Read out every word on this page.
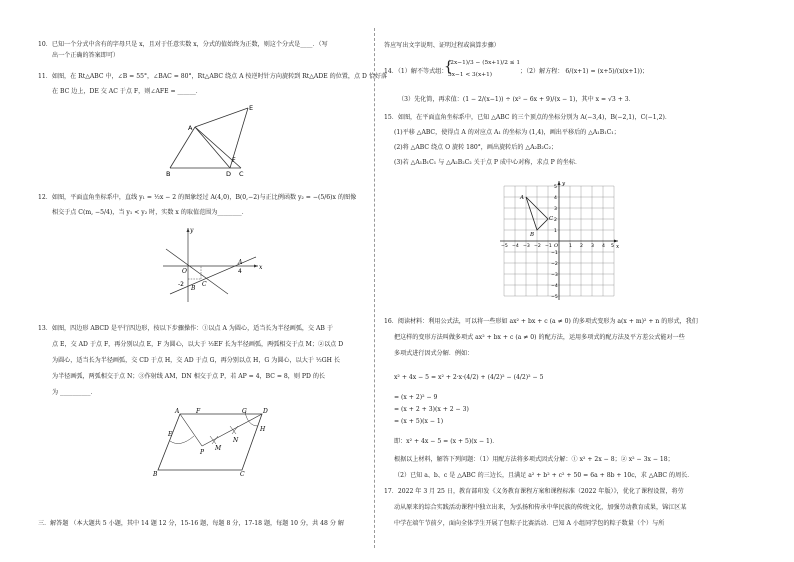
10．已知一个分式中含有的字母只是 x，且对于任意实数 x，分式的值始终为正数，则这个分式是____．（写
出一个正确的答案即可）
11．如图，在 Rt△ABC 中，∠B = 55°，∠BAC = 80°，Rt△ABC 绕点 A 按逆时针方向旋转到 Rt△ADE 的位置，点 D 恰好落
在 BC 边上，DE 交 AC 于点 F，则∠AFE = ______．
A
B	C
D
E
F
12．如图，平面直角坐标系中，直线 y₁ = ½x − 2 的图象经过 A(4,0)，B(0,−2)与正比例函数 y₂ = −(5/6)x 的图像
相交于点 C(m, −5/4)，当 y₁ < y₂ 时，实数 x 的取值范围为________．
x
y
O
A
B
C
4
-2
13．如图，四边形 ABCD 是平行四边形，按以下步骤操作：①以点 A 为圆心，适当长为半径画弧，交 AB 于
点 E，交 AD 于点 F，再分别以点 E，F 为圆心，以大于 ½EF 长为半径画弧，两弧相交于点 M；②以点 D
为圆心，适当长为半径画弧，交 CD 于点 H，交 AD 于点 G，再分别以点 H，G 为圆心，以大于 ½GH 长
为半径画弧，两弧相交于点 N；③作射线 AM，DN 相交于点 P，若 AP = 4，BC = 8，则 PD 的长
为 __________．
A
B	C
D
E
F	G
H
M
N
P
三．解答题 （本大题共 5 小题，其中 14 题 12 分，15-16 题，每题 8 分，17-18 题，每题 10 分，共 48 分 解
答应写出文字说明、证明过程或演算步骤）
14．（1）解不等式组：
(2x−1)/3 − (5x+1)/2 ≤ 1
5x−1 < 3(x+1)
{	；（2）解方程： 6/(x+1) = (x+5)/(x(x+1))；
（3）先化简，再求值：(1 − 2/(x−1)) ÷ (x² − 6x + 9)/(x − 1)，其中 x = √3 + 3．
15．如图，在平面直角坐标系中，已知 △ABC 的三个顶点的坐标分别为 A(−3,4)，B(−2,1)，C(−1,2)．
(1)平移 △ABC，使得点 A 的对应点 A₁ 的坐标为 (1,4)，画出平移后的 △A₁B₁C₁；
(2)将 △ABC 绕点 O 旋转 180°，画出旋转后的 △A₂B₂C₂；
(3)若 △A₁B₁C₁ 与 △A₂B₂C₂ 关于点 P 成中心对称，求点 P 的坐标．
x
y
O
A
B
C
−5 −4 −3 −2 −1	1 2 3 4 5
5
4
3
2
1
−1
−2
−3
−4
−5
16．阅读材料：利用公式法，可以将一些形如 ax² + bx + c (a ≠ 0) 的多项式变形为 a(x + m)² + n 的形式，我们
把这样的变形方法叫做多项式 ax² + bx + c (a ≠ 0) 的配方法，运用多项式的配方法及平方差公式能对一些
多项式进行因式分解．例如：
x² + 4x − 5 = x² + 2·x·(4/2) + (4/2)² − (4/2)² − 5
= (x + 2)² − 9
= (x + 2 + 3)(x + 2 − 3)
= (x + 5)(x − 1)
即：x² + 4x − 5 = (x + 5)(x − 1)．
根据以上材料，解答下列问题：（1）用配方法将多项式因式分解：① x² + 2x − 8；② x² − 3x − 18；
（2）已知 a、b、c 是 △ABC 的三边长，且满足 a² + b² + c² + 50 = 6a + 8b + 10c，求 △ABC 的周长．
17．2022 年 3 月 25 日，教育部印发《义务教育课程方案和课程标准（2022 年版）》，优化了课程设置，将劳
动从原来的综合实践活动课程中独立出来，为弘扬和传承中华民族的传统文化，加强劳动教育成果，锦江区某
中学在端午节前夕，面向全体学生开展了包粽子比赛活动．已知 A 小组同学包的粽子数量（个）与所
